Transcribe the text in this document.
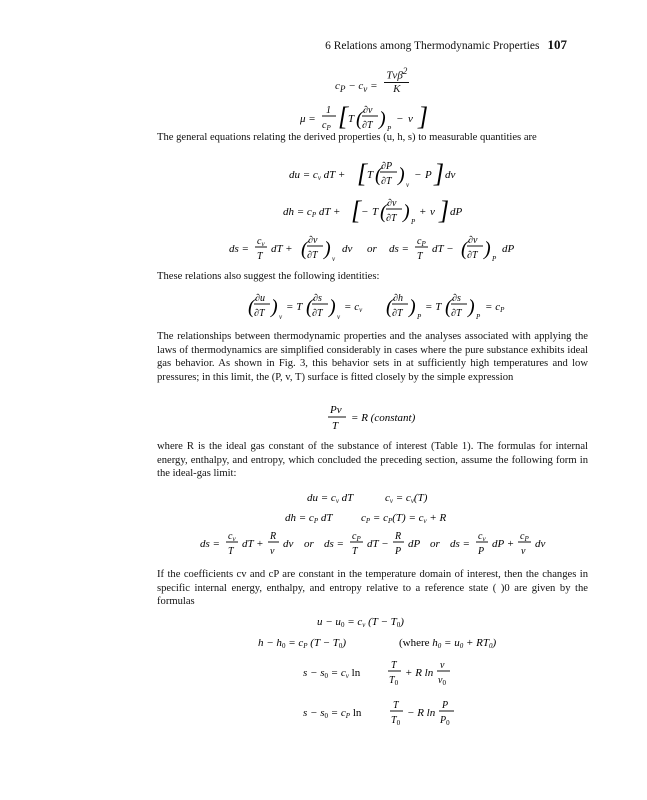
6 Relations among Thermodynamic Properties 107
$c_P - c_v$ =
Tvβ$^2$
K
μ =
1
$c_P$ [ T ( ∂v
∂T ) P
− v ]

The general equations relating the derived properties (u, h, s) to measurable quantities are

du = cv dT + [ T ( ∂P
∂T ) v
− P ] dv
dh = cP dT + [ − T ( ∂v
∂T ) P
+ v ] dP
ds =
$c_v$
T
dT + ( ∂v
∂T ) v
dv or ds =
$c_P$
T
dT − ( ∂v
∂T ) P
dP

These relations also suggest the following identities:

( ∂u
∂T ) v
= T ( ∂s
∂T ) v
= cv ( ∂h
∂T ) P
= T ( ∂s
∂T ) P
= cP

The relationships between thermodynamic properties and the analyses associated with applying the laws of thermodynamics are simplified considerably in cases where the pure substance exhibits ideal gas behavior. As shown in Fig. 3, this behavior sets in at sufficiently high temperatures and low pressures; in this limit, the (P, v, T) surface is fitted closely by the simple expression

Pv
T
= R (constant)

where R is the ideal gas constant of the substance of interest (Table 1). The formulas for internal energy, enthalpy, and entropy, which concluded the preceding section, assume the following form in the ideal-gas limit:

du = cv dT	cv = cv(T)
dh = cP dT	cP = cP(T) = cv + R
ds =
$c_v$
T
dT +
R
v
dv or ds =
$c_P$
T
dT −
R
P
dP or ds =
$c_v$
P
dP +
$c_P$
v
dv

If the coefficients cv and cP are constant in the temperature domain of interest, then the changes in specific internal energy, enthalpy, and entropy relative to a reference state ( )0 are given by the formulas

u − u0 = cv (T − T0)
h − h0 = cP (T − T0)	(where h0 = u0 + RT0)
s − s0 = cv ln
T
$T_0$
+ R ln
v
$v_0$
s − s0 = cP ln
T
$T_0$
− R ln
P
$P_0$
